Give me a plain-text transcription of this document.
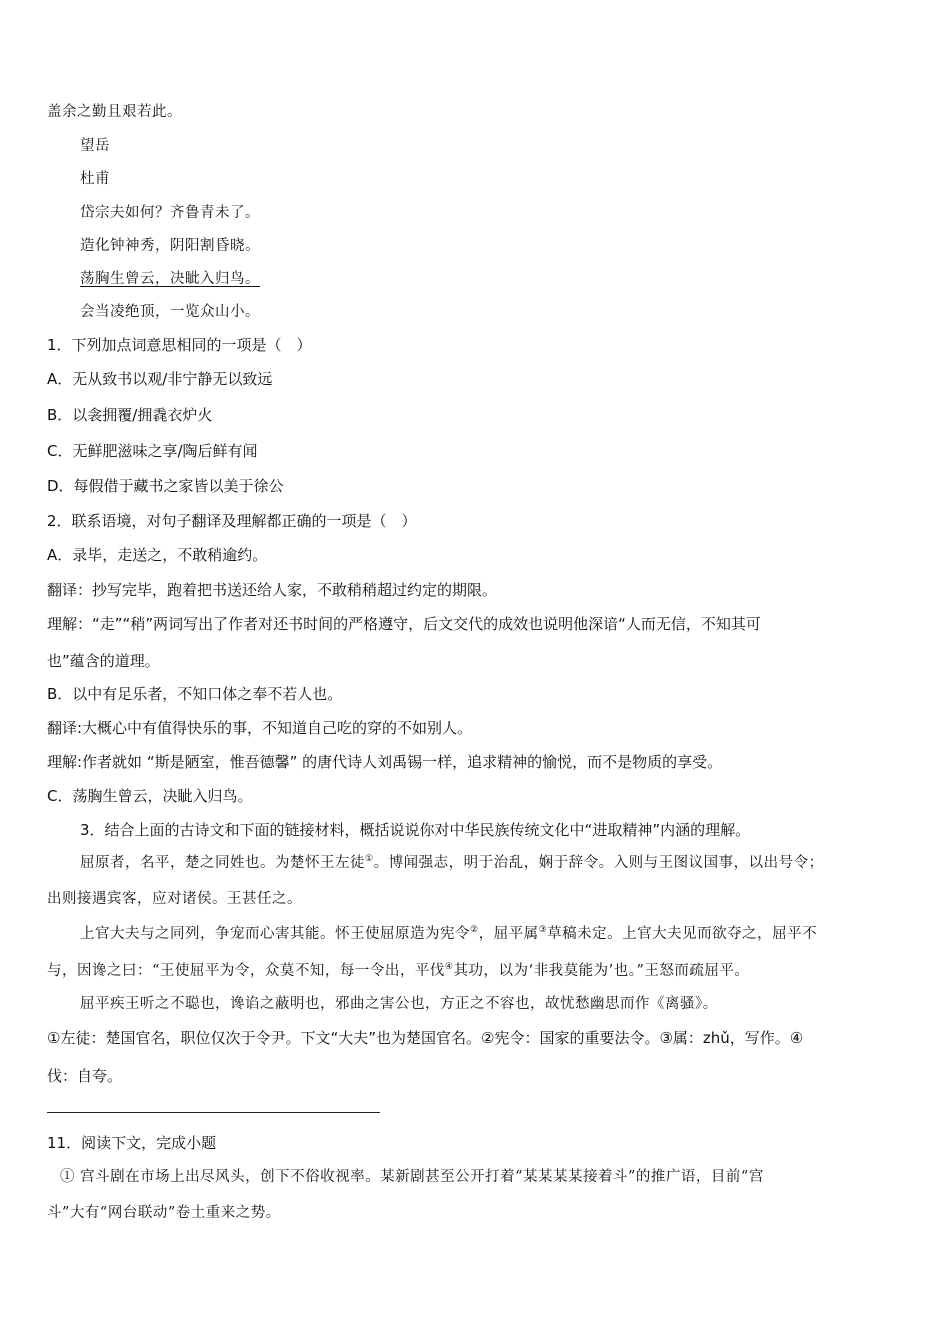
盖余之勤且艰若此。
望岳
杜甫
岱宗夫如何？齐鲁青未了。
造化钟神秀，阴阳割昏晓。
荡胸生曾云，决眦入归鸟。
会当凌绝顶，一览众山小。
1．下列加点词意思相同的一项是（　）
A．无从致书以观/非宁静无以致远
B．以衾拥覆/拥毳衣炉火
C．无鲜肥滋味之享/陶后鲜有闻
D．每假借于藏书之家皆以美于徐公
2．联系语境，对句子翻译及理解都正确的一项是（　）
A．录毕，走送之，不敢稍逾约。
翻译：抄写完毕，跑着把书送还给人家，不敢稍稍超过约定的期限。
理解：“走”“稍”两词写出了作者对还书时间的严格遵守，后文交代的成效也说明他深谙“人而无信，不知其可
也”蕴含的道理。
B．以中有足乐者，不知口体之奉不若人也。
翻译:大概心中有值得快乐的事，不知道自己吃的穿的不如别人。
理解:作者就如 “斯是陋室，惟吾德馨” 的唐代诗人刘禹锡一样，追求精神的愉悦，而不是物质的享受。
C．荡胸生曾云，决眦入归鸟。
3．结合上面的古诗文和下面的链接材料，概括说说你对中华民族传统文化中“进取精神”内涵的理解。
屈原者，名平，楚之同姓也。为楚怀王左徒①。博闻强志，明于治乱，娴于辞令。入则与王图议国事，以出号令；
出则接遇宾客，应对诸侯。王甚任之。
上官大夫与之同列，争宠而心害其能。怀王使屈原造为宪令②，屈平属③草稿未定。上官大夫见而欲夺之，屈平不
与，因谗之曰：“王使屈平为令，众莫不知，每一令出，平伐④其功，以为‘非我莫能为’也。”王怒而疏屈平。
屈平疾王听之不聪也，谗谄之蔽明也，邪曲之害公也，方正之不容也，故忧愁幽思而作《离骚》。
①左徒：楚国官名，职位仅次于令尹。下文“大夫”也为楚国官名。②宪令：国家的重要法令。③属：zhǔ，写作。④
伐：自夸。
11．阅读下文，完成小题
① 宫斗剧在市场上出尽风头，创下不俗收视率。某新剧甚至公开打着“某某某某接着斗”的推广语，目前“宫
斗”大有“网台联动”卷土重来之势。
